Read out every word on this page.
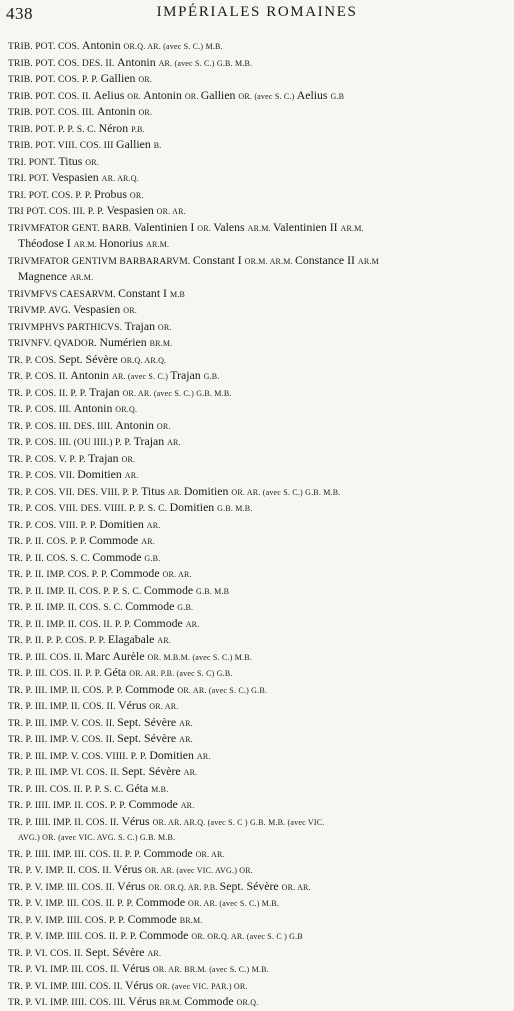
438	IMPÉRIALES ROMAINES
TRIB. POT. COS. Antonin OR.Q. AR. (avec S. C.) M.B.
TRIB. POT. COS. DES. II. Antonin AR. (avec S. C.) G.B. M.B.
TRIB. POT. COS. P. P. Gallien OR.
TRIB. POT. COS. II. Aelius OR. Antonin OR. Gallien OR. (avec S. C.) Aelius G.B
TRIB. POT. COS. III. Antonin OR.
TRIB. POT. P. P. S. C. Néron P.B.
TRIB. POT. VIII. COS. III Gallien B.
TRI. PONT. Titus OR.
TRI. POT. Vespasien AR. AR.Q.
TRI. POT. COS. P. P. Probus OR.
TRI POT. COS. III. P. P. Vespasien OR. AR.
TRIVMFATOR GENT. BARB. Valentinien I OR. Valens AR.M. Valentinien II AR.M.
Théodose I AR.M. Honorius AR.M.
TRIVMFATOR GENTIVM BARBARARVM. Constant I OR.M. AR.M. Constance II AR.M
Magnence AR.M.
TRIVMFVS CAESARVM. Constant I M.B
TRIVMP. AVG. Vespasien OR.
TRIVMPHVS PARTHICVS. Trajan OR.
TRIVNFV. QVADOR. Numérien BR.M.
TR. P. COS. Sept. Sévère OR.Q. AR.Q.
TR. P. COS. II. Antonin AR. (avec S. C.) Trajan G.B.
TR. P. COS. II. P. P. Trajan OR. AR. (avec S. C.) G.B. M.B.
TR. P. COS. III. Antonin OR.Q.
TR. P. COS. III. DES. IIII. Antonin OR.
TR. P. COS. III. (OU IIII.) P. P. Trajan AR.
TR. P. COS. V. P. P. Trajan OR.
TR. P. COS. VII. Domitien AR.
TR. P. COS. VII. DES. VIII. P. P. Titus AR. Domitien OR. AR. (avec S. C.) G.B. M.B.
TR. P. COS. VIII. DES. VIIII. P. P. S. C. Domitien G.B. M.B.
TR. P. COS. VIII. P. P. Domitien AR.
TR. P. II. COS. P. P. Commode AR.
TR. P. II. COS. S. C. Commode G.B.
TR. P. II. IMP. COS. P. P. Commode OR. AR.
TR. P. II. IMP. II. COS. P. P. S. C. Commode G.B. M.B
TR. P. II. IMP. II. COS. S. C. Commode G.B.
TR. P. II. IMP. II. COS. II. P. P. Commode AR.
TR. P. II. P. P. COS. P. P. Elagabale AR.
TR. P. III. COS. II. Marc Aurèle OR. M.B.M. (avec S. C.) M.B.
TR. P. III. COS. II. P. P. Géta OR. AR. P.B. (avec S. C) G.B.
TR. P. III. IMP. II. COS. P. P. Commode OR. AR. (avec S. C.) G.B.
TR. P. III. IMP. II. COS. II. Vérus OR. AR.
TR. P. III. IMP. V. COS. II. Sept. Sévère AR.
TR. P. III. IMP. V. COS. II. Sept. Sévère AR.
TR. P. III. IMP. V. COS. VIIII. P. P. Domitien AR.
TR. P. III. IMP. VI. COS. II. Sept. Sévère AR.
TR. P. III. COS. II. P. P. S. C. Géta M.B.
TR. P. IIII. IMP. II. COS. P. P. Commode AR.
TR. P. IIII. IMP. II. COS. II. Vérus OR. AR. AR.Q. (avec S. C ) G.B. M.B. (avec VIC.
AVG.) OR. (avec VIC. AVG. S. C.) G.B. M.B.
TR. P. IIII. IMP. III. COS. II. P. P. Commode OR. AR.
TR. P. V. IMP. II. COS. II. Vérus OR. AR. (avec VIC. AVG.) OR.
TR. P. V. IMP. III. COS. II. Vérus OR. OR.Q. AR. P.B. Sept. Sévère OR. AR.
TR. P. V. IMP. III. COS. II. P. P. Commode OR. AR. (avec S. C.) M.B.
TR. P. V. IMP. IIII. COS. P. P. Commode BR.M.
TR. P. V. IMP. IIII. COS. II. P. P. Commode OR. OR.Q. AR. (avec S. C ) G.B
TR. P. VI. COS. II. Sept. Sévère AR.
TR. P. VI. IMP. III. COS. II. Vérus OR. AR. BR.M. (avec S. C.) M.B.
TR. P. VI. IMP. IIII. COS. II. Vérus OR. (avec VIC. PAR.) OR.
TR. P. VI. IMP. IIII. COS. III. Vérus BR.M. Commode OR.Q.
